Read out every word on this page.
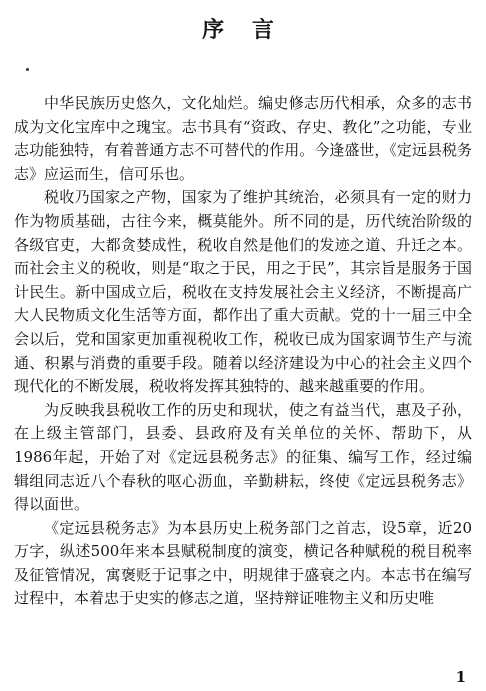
序 言

中华民族历史悠久，文化灿烂。编史修志历代相承，众多的志书成为文化宝库中之瑰宝。志书具有“资政、存史、教化”之功能，专业志功能独特，有着普通方志不可替代的作用。今逢盛世，《定远县税务志》应运而生，信可乐也。

税收乃国家之产物，国家为了维护其统治，必须具有一定的财力作为物质基础，古往今来，概莫能外。所不同的是，历代统治阶级的各级官吏，大都贪婪成性，税收自然是他们的发迹之道、升迁之本。而社会主义的税收，则是“取之于民，用之于民”，其宗旨是服务于国计民生。新中国成立后，税收在支持发展社会主义经济，不断提高广大人民物质文化生活等方面，都作出了重大贡献。党的十一届三中全会以后，党和国家更加重视税收工作，税收已成为国家调节生产与流通、积累与消费的重要手段。随着以经济建设为中心的社会主义四个现代化的不断发展，税收将发挥其独特的、越来越重要的作用。

为反映我县税收工作的历史和现状，使之有益当代，惠及子孙，在上级主管部门，县委、县政府及有关单位的关怀、帮助下，从1986年起，开始了对《定远县税务志》的征集、编写工作，经过编辑组同志近八个春秋的呕心沥血，辛勤耕耘，终使《定远县税务志》得以面世。

《定远县税务志》为本县历史上税务部门之首志，设5章，近20万字，纵述500年来本县赋税制度的演变，横记各种赋税的税目税率及征管情况，寓褒贬于记事之中，明规律于盛衰之内。本志书在编写过程中，本着忠于史实的修志之道，坚持辩证唯物主义和历史唯

1
